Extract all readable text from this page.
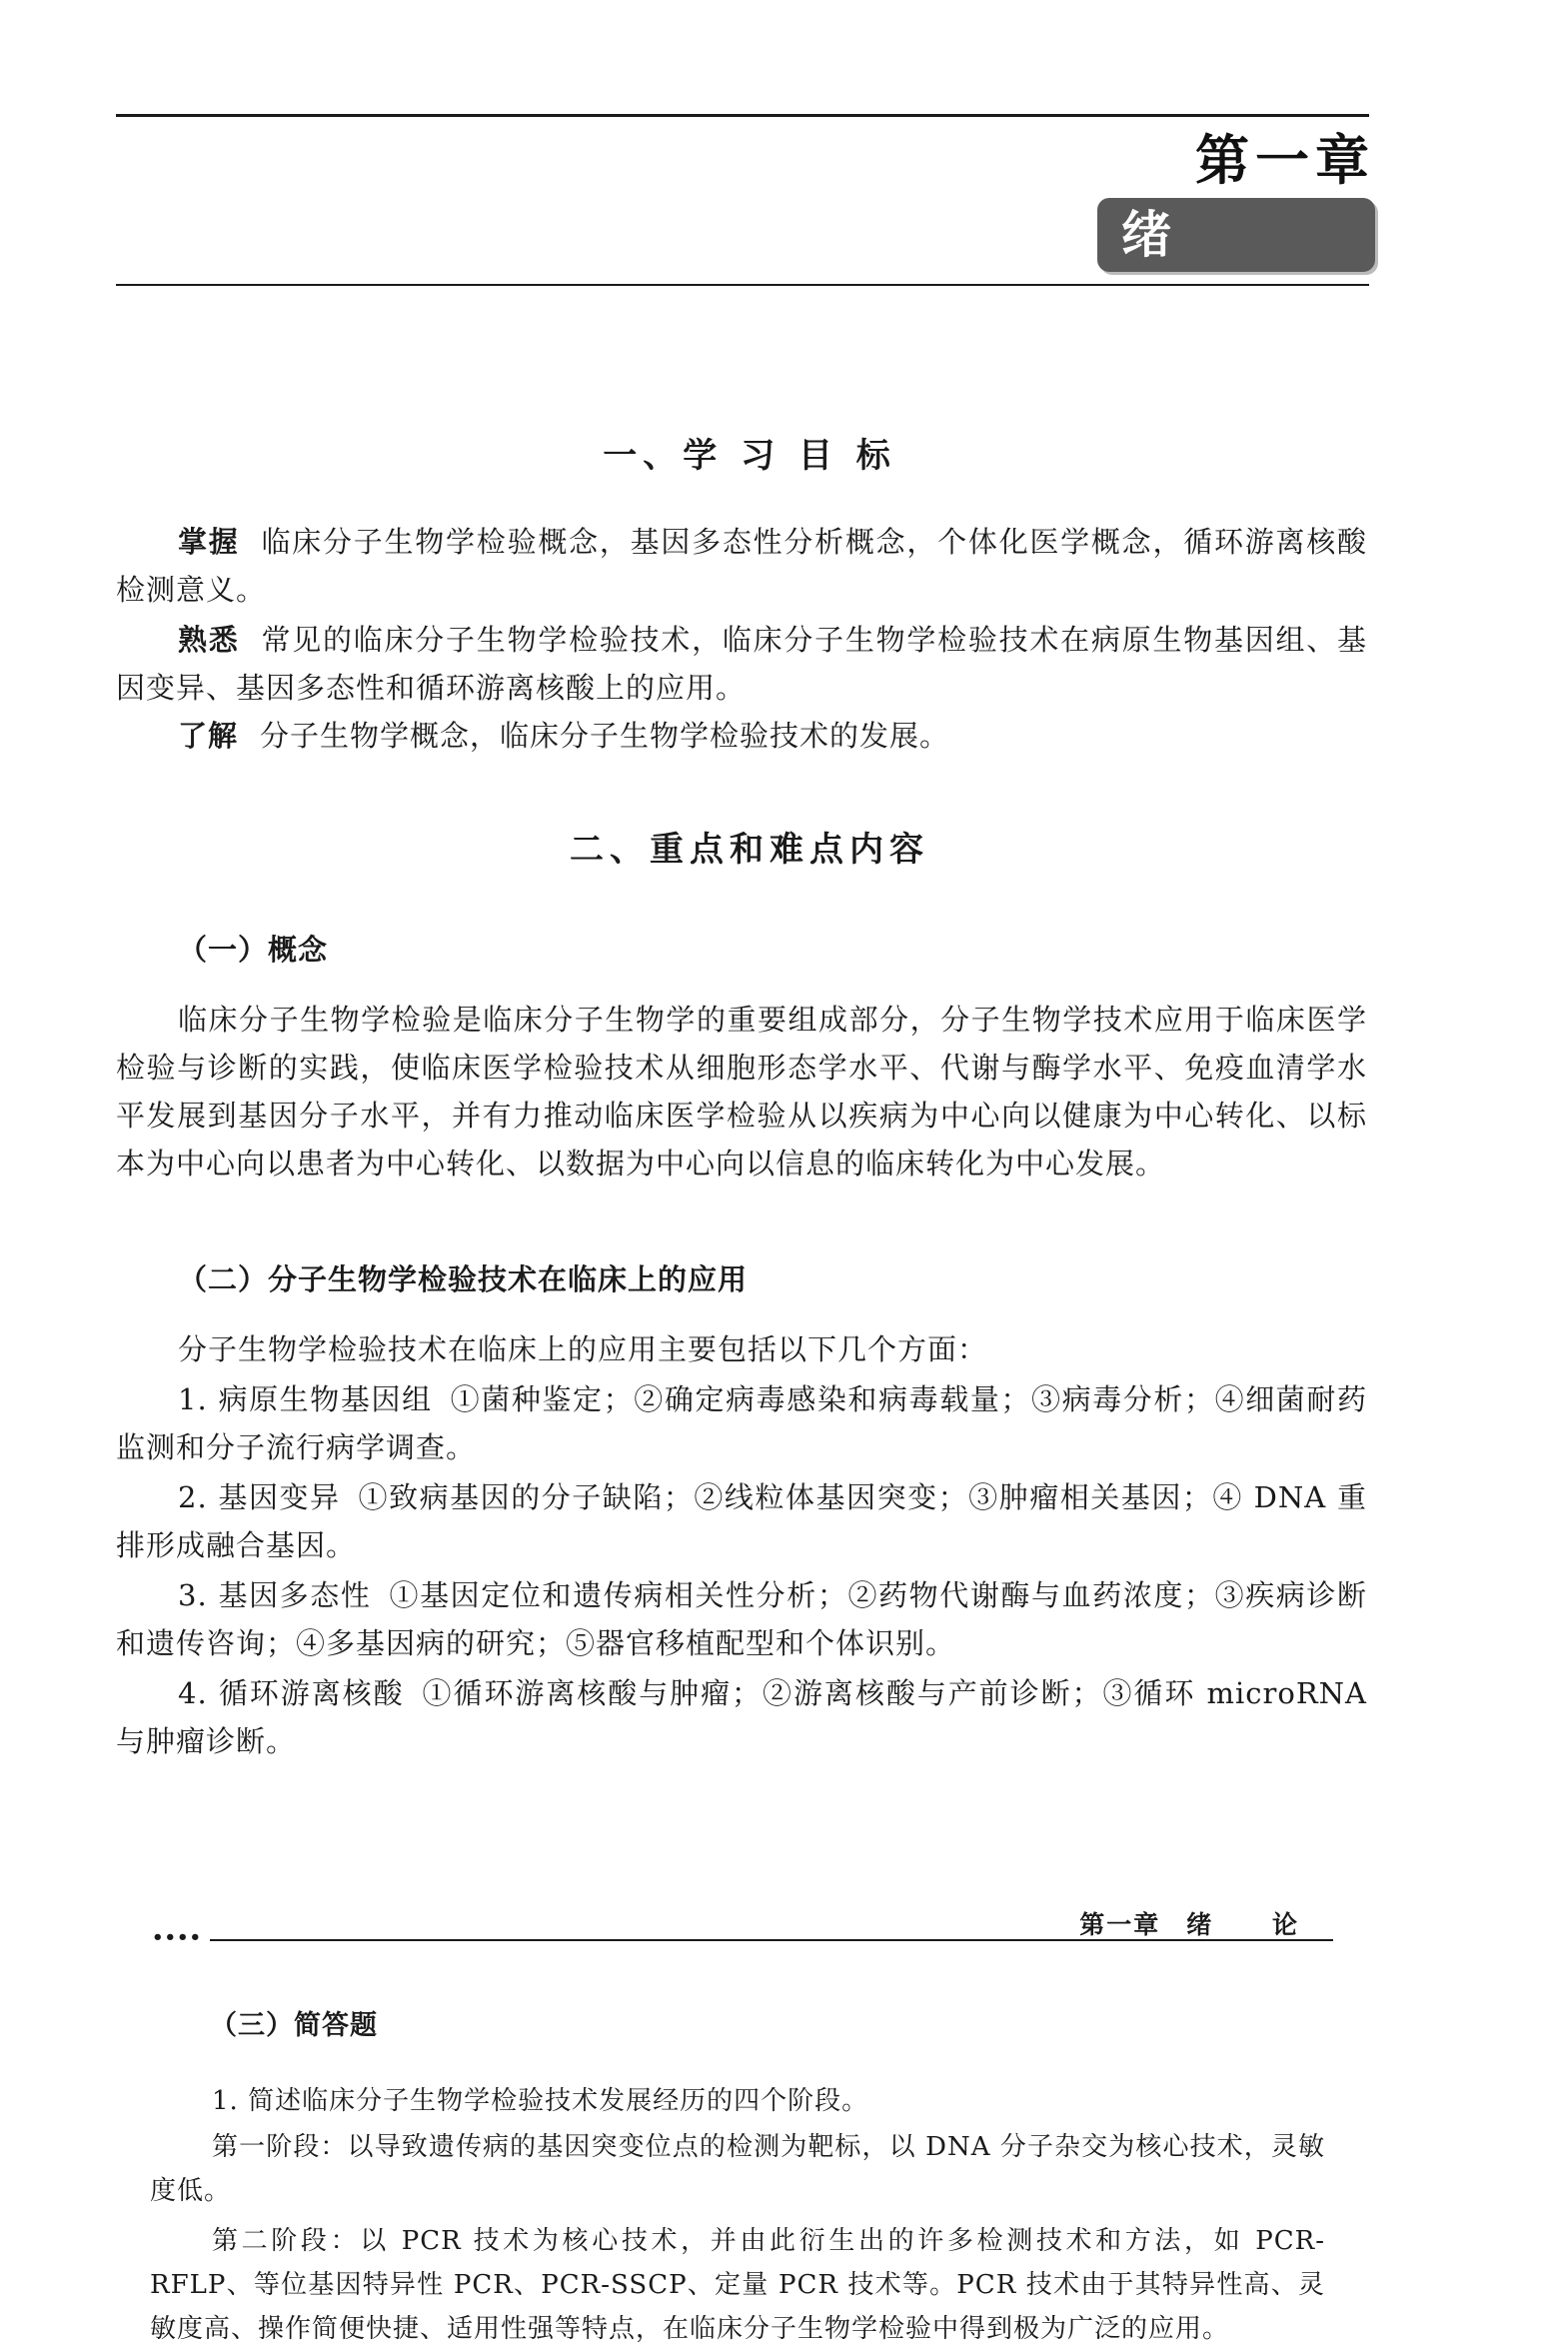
第一章
绪 论
一、学 习 目 标
掌握 临床分子生物学检验概念，基因多态性分析概念，个体化医学概念，循环游离核酸检测意义。
熟悉 常见的临床分子生物学检验技术，临床分子生物学检验技术在病原生物基因组、基因变异、基因多态性和循环游离核酸上的应用。
了解 分子生物学概念，临床分子生物学检验技术的发展。
二、重点和难点内容
（一）概念
临床分子生物学检验是临床分子生物学的重要组成部分，分子生物学技术应用于临床医学检验与诊断的实践，使临床医学检验技术从细胞形态学水平、代谢与酶学水平、免疫血清学水平发展到基因分子水平，并有力推动临床医学检验从以疾病为中心向以健康为中心转化、以标本为中心向以患者为中心转化、以数据为中心向以信息的临床转化为中心发展。
（二）分子生物学检验技术在临床上的应用
分子生物学检验技术在临床上的应用主要包括以下几个方面：
1. 病原生物基因组 ①菌种鉴定；②确定病毒感染和病毒载量；③病毒分析；④细菌耐药监测和分子流行病学调查。
2. 基因变异 ①致病基因的分子缺陷；②线粒体基因突变；③肿瘤相关基因；④ DNA 重排形成融合基因。
3. 基因多态性 ①基因定位和遗传病相关性分析；②药物代谢酶与血药浓度；③疾病诊断和遗传咨询；④多基因病的研究；⑤器官移植配型和个体识别。
4. 循环游离核酸 ①循环游离核酸与肿瘤；②游离核酸与产前诊断；③循环 microRNA 与肿瘤诊断。
••••	第一章 绪 论
（三）简答题
1. 简述临床分子生物学检验技术发展经历的四个阶段。
第一阶段：以导致遗传病的基因突变位点的检测为靶标，以 DNA 分子杂交为核心技术，灵敏度低。
第二阶段：以 PCR 技术为核心技术，并由此衍生出的许多检测技术和方法，如 PCR-RFLP、等位基因特异性 PCR、PCR-SSCP、定量 PCR 技术等。PCR 技术由于其特异性高、灵敏度高、操作简便快捷、适用性强等特点，在临床分子生物学检验中得到极为广泛的应用。
